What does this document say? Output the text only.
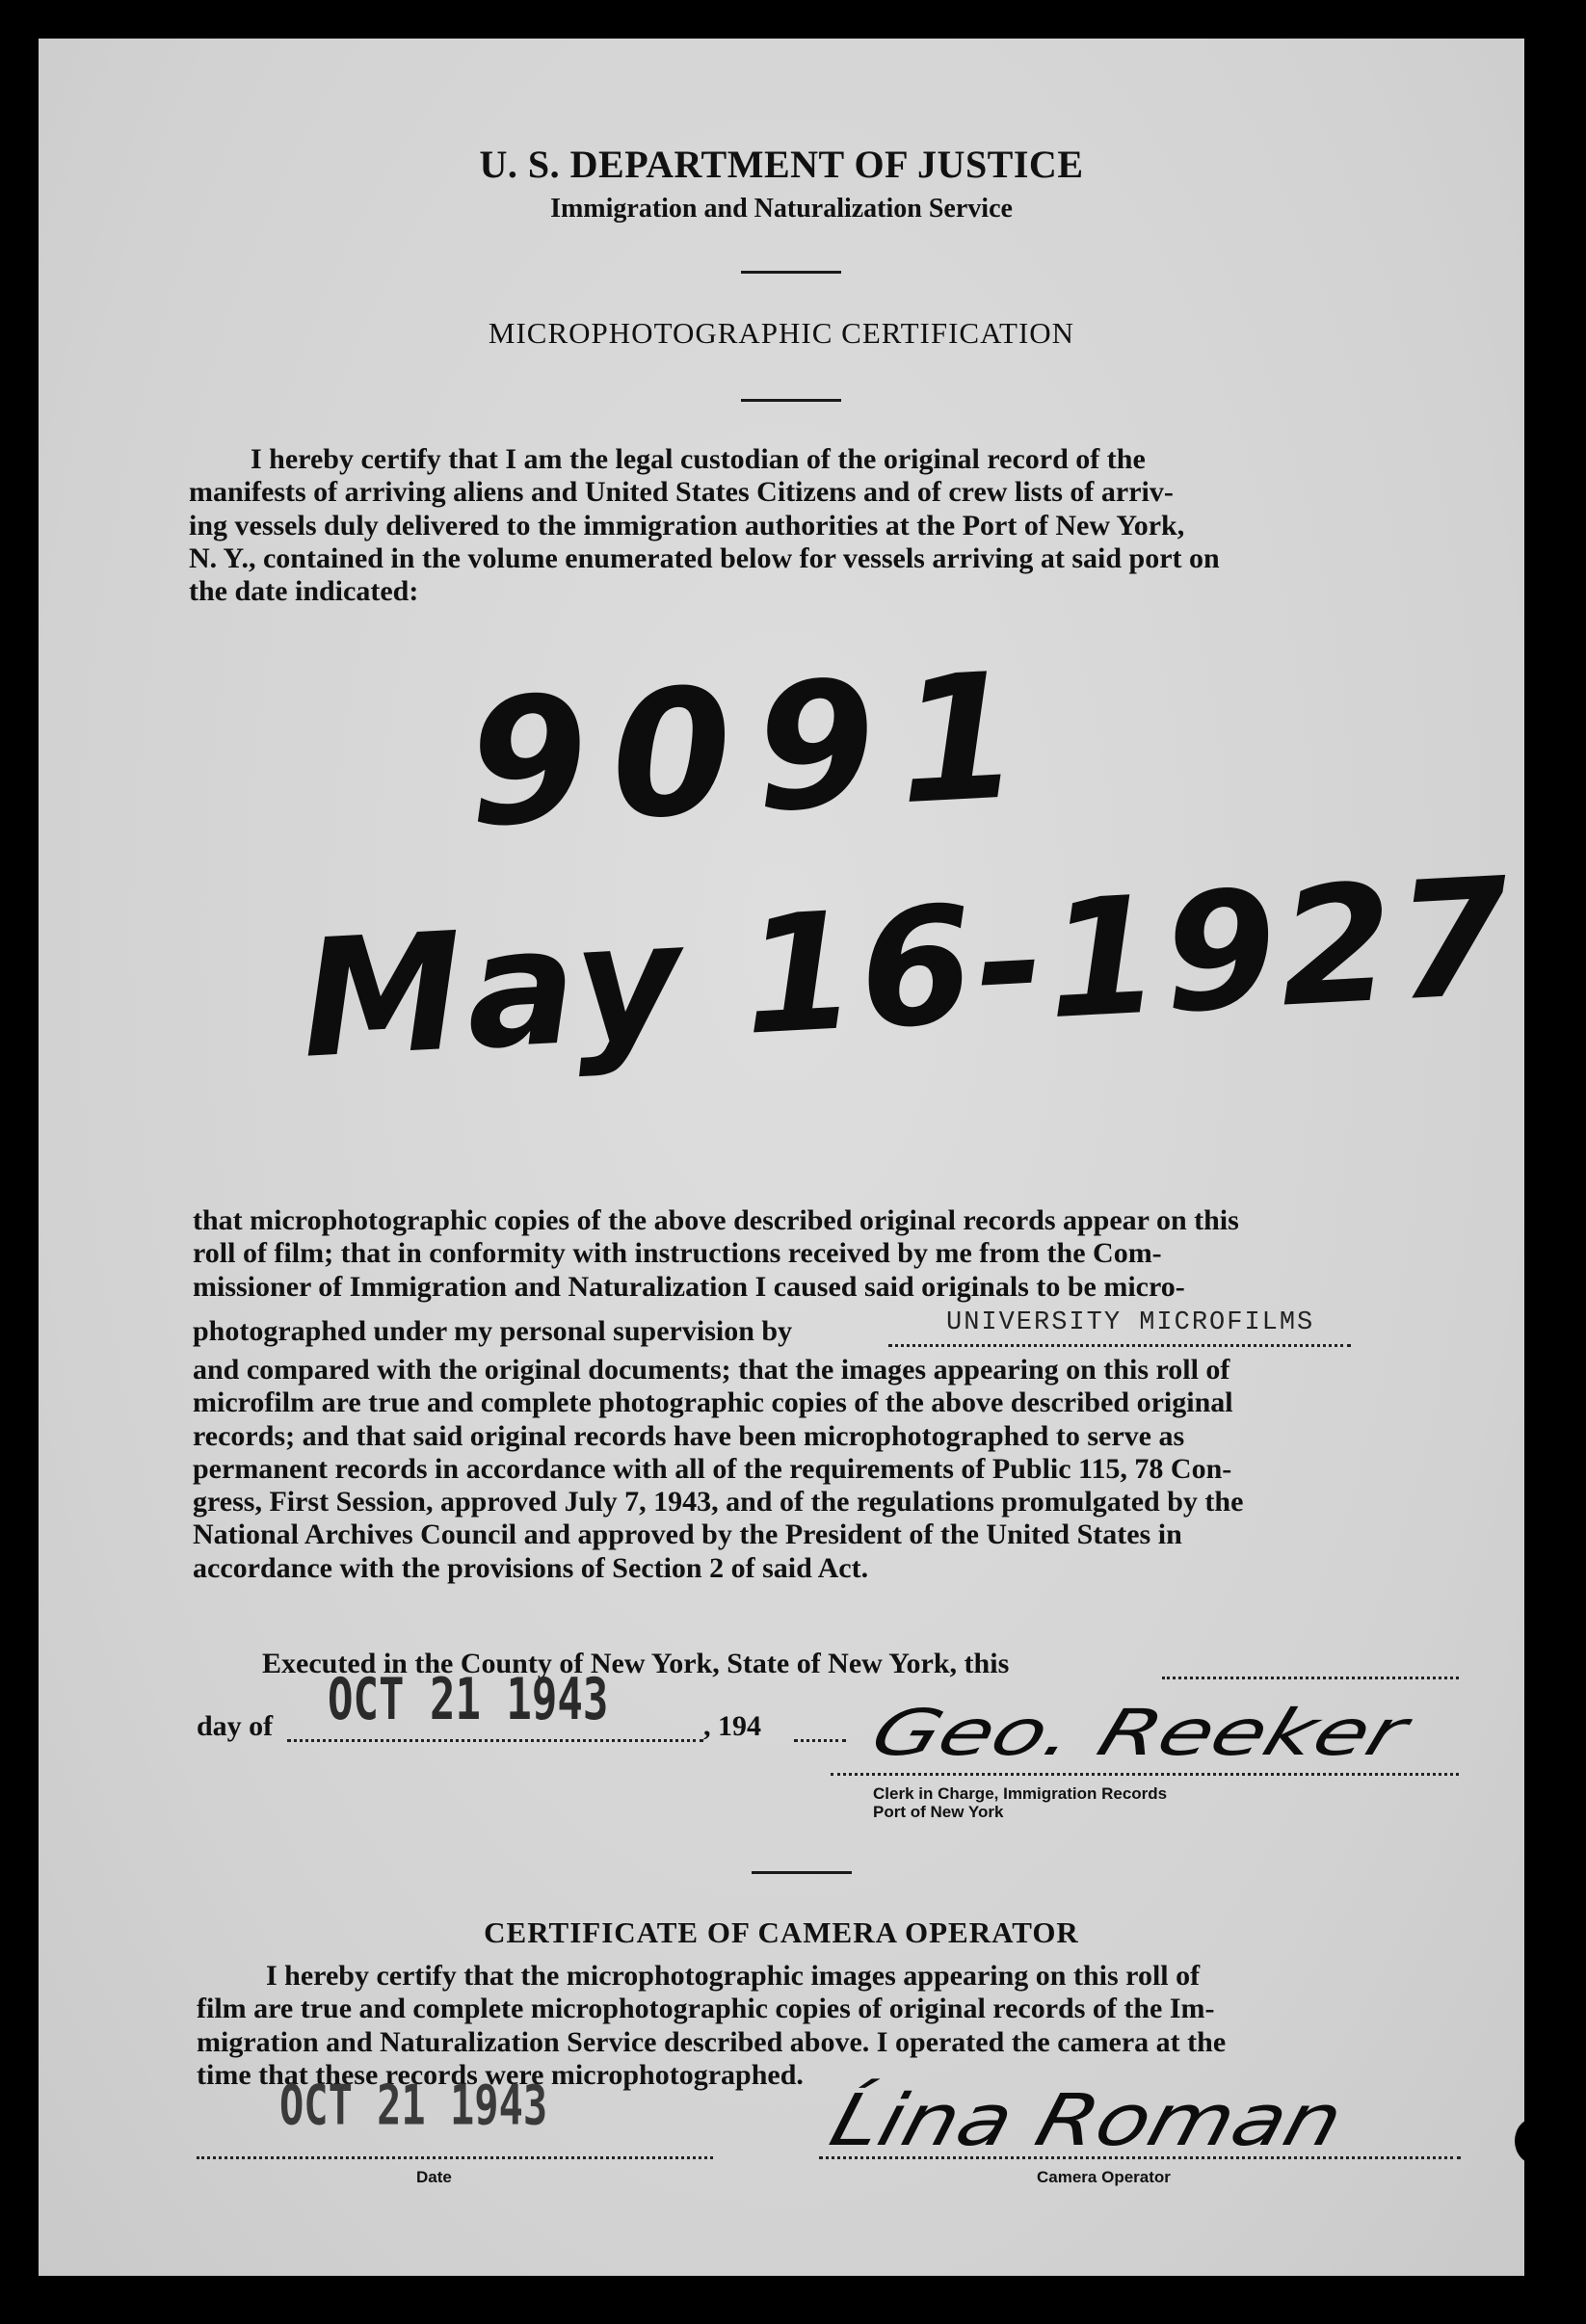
U. S. DEPARTMENT OF JUSTICE
Immigration and Naturalization Service
MICROPHOTOGRAPHIC CERTIFICATION
I hereby certify that I am the legal custodian of the original record of the
manifests of arriving aliens and United States Citizens and of crew lists of arriv-
ing vessels duly delivered to the immigration authorities at the Port of New York,
N. Y., contained in the volume enumerated below for vessels arriving at said port on
the date indicated:
9091
May 16-1927
that microphotographic copies of the above described original records appear on this
roll of film; that in conformity with instructions received by me from the Com-
missioner of Immigration and Naturalization I caused said originals to be micro-
photographed under my personal supervision by	UNIVERSITY MICROFILMS
and compared with the original documents; that the images appearing on this roll of
microfilm are true and complete photographic copies of the above described original
records; and that said original records have been microphotographed to serve as
permanent records in accordance with all of the requirements of Public 115, 78 Con-
gress, First Session, approved July 7, 1943, and of the regulations promulgated by the
National Archives Council and approved by the President of the United States in
accordance with the provisions of Section 2 of said Act.
Executed in the County of New York, State of New York, this
day of OCT 21 1943	, 194 Geo. Reeker
Clerk in Charge, Immigration Records
Port of New York
CERTIFICATE OF CAMERA OPERATOR
I hereby certify that the microphotographic images appearing on this roll of
film are true and complete microphotographic copies of original records of the Im-
migration and Naturalization Service described above. I operated the camera at the
time that these records were microphotographed.
OCT 21 1943
Date
Ĺina Roman
Camera Operator
